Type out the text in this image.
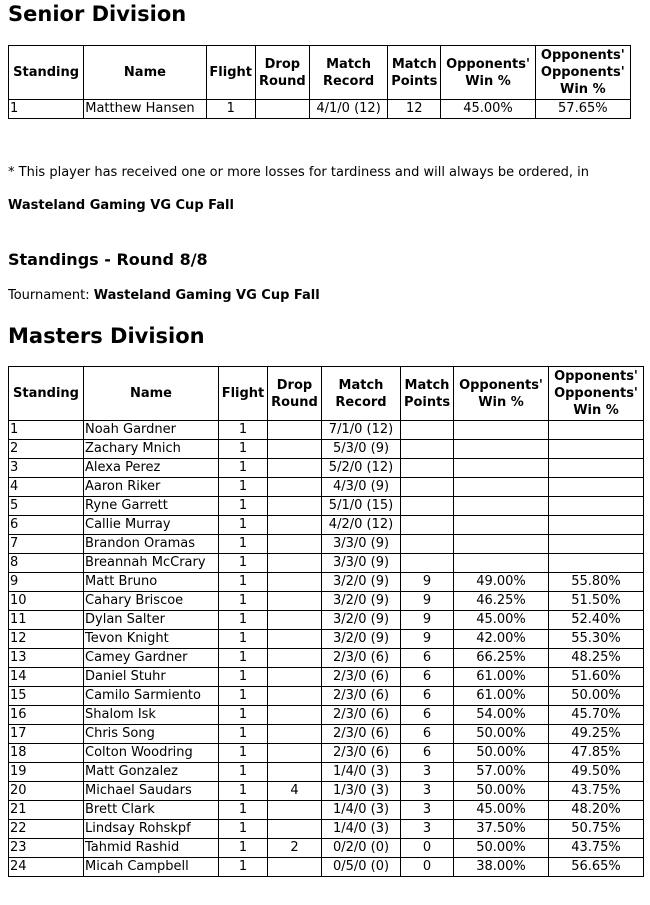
Senior Division
Standing	Name	Flight	Drop Round	Match Record	Match Points	Opponents' Win %	Opponents' Opponents' Win %
1	Matthew Hansen	1		4/1/0 (12)	12	45.00%	57.65%
* This player has received one or more losses for tardiness and will always be ordered, in
Wasteland Gaming VG Cup Fall
Standings - Round 8/8
Tournament: Wasteland Gaming VG Cup Fall
Masters Division
Standing	Name	Flight	Drop Round	Match Record	Match Points	Opponents' Win %	Opponents' Opponents' Win %
1	Noah Gardner	1		7/1/0 (12)			
2	Zachary Mnich	1		5/3/0 (9)			
3	Alexa Perez	1		5/2/0 (12)			
4	Aaron Riker	1		4/3/0 (9)			
5	Ryne Garrett	1		5/1/0 (15)			
6	Callie Murray	1		4/2/0 (12)			
7	Brandon Oramas	1		3/3/0 (9)			
8	Breannah McCrary	1		3/3/0 (9)			
9	Matt Bruno	1		3/2/0 (9)	9	49.00%	55.80%
10	Cahary Briscoe	1		3/2/0 (9)	9	46.25%	51.50%
11	Dylan Salter	1		3/2/0 (9)	9	45.00%	52.40%
12	Tevon Knight	1		3/2/0 (9)	9	42.00%	55.30%
13	Camey Gardner	1		2/3/0 (6)	6	66.25%	48.25%
14	Daniel Stuhr	1		2/3/0 (6)	6	61.00%	51.60%
15	Camilo Sarmiento	1		2/3/0 (6)	6	61.00%	50.00%
16	Shalom Isk	1		2/3/0 (6)	6	54.00%	45.70%
17	Chris Song	1		2/3/0 (6)	6	50.00%	49.25%
18	Colton Woodring	1		2/3/0 (6)	6	50.00%	47.85%
19	Matt Gonzalez	1		1/4/0 (3)	3	57.00%	49.50%
20	Michael Saudars	1	4	1/3/0 (3)	3	50.00%	43.75%
21	Brett Clark	1		1/4/0 (3)	3	45.00%	48.20%
22	Lindsay Rohskpf	1		1/4/0 (3)	3	37.50%	50.75%
23	Tahmid Rashid	1	2	0/2/0 (0)	0	50.00%	43.75%
24	Micah Campbell	1		0/5/0 (0)	0	38.00%	56.65%
